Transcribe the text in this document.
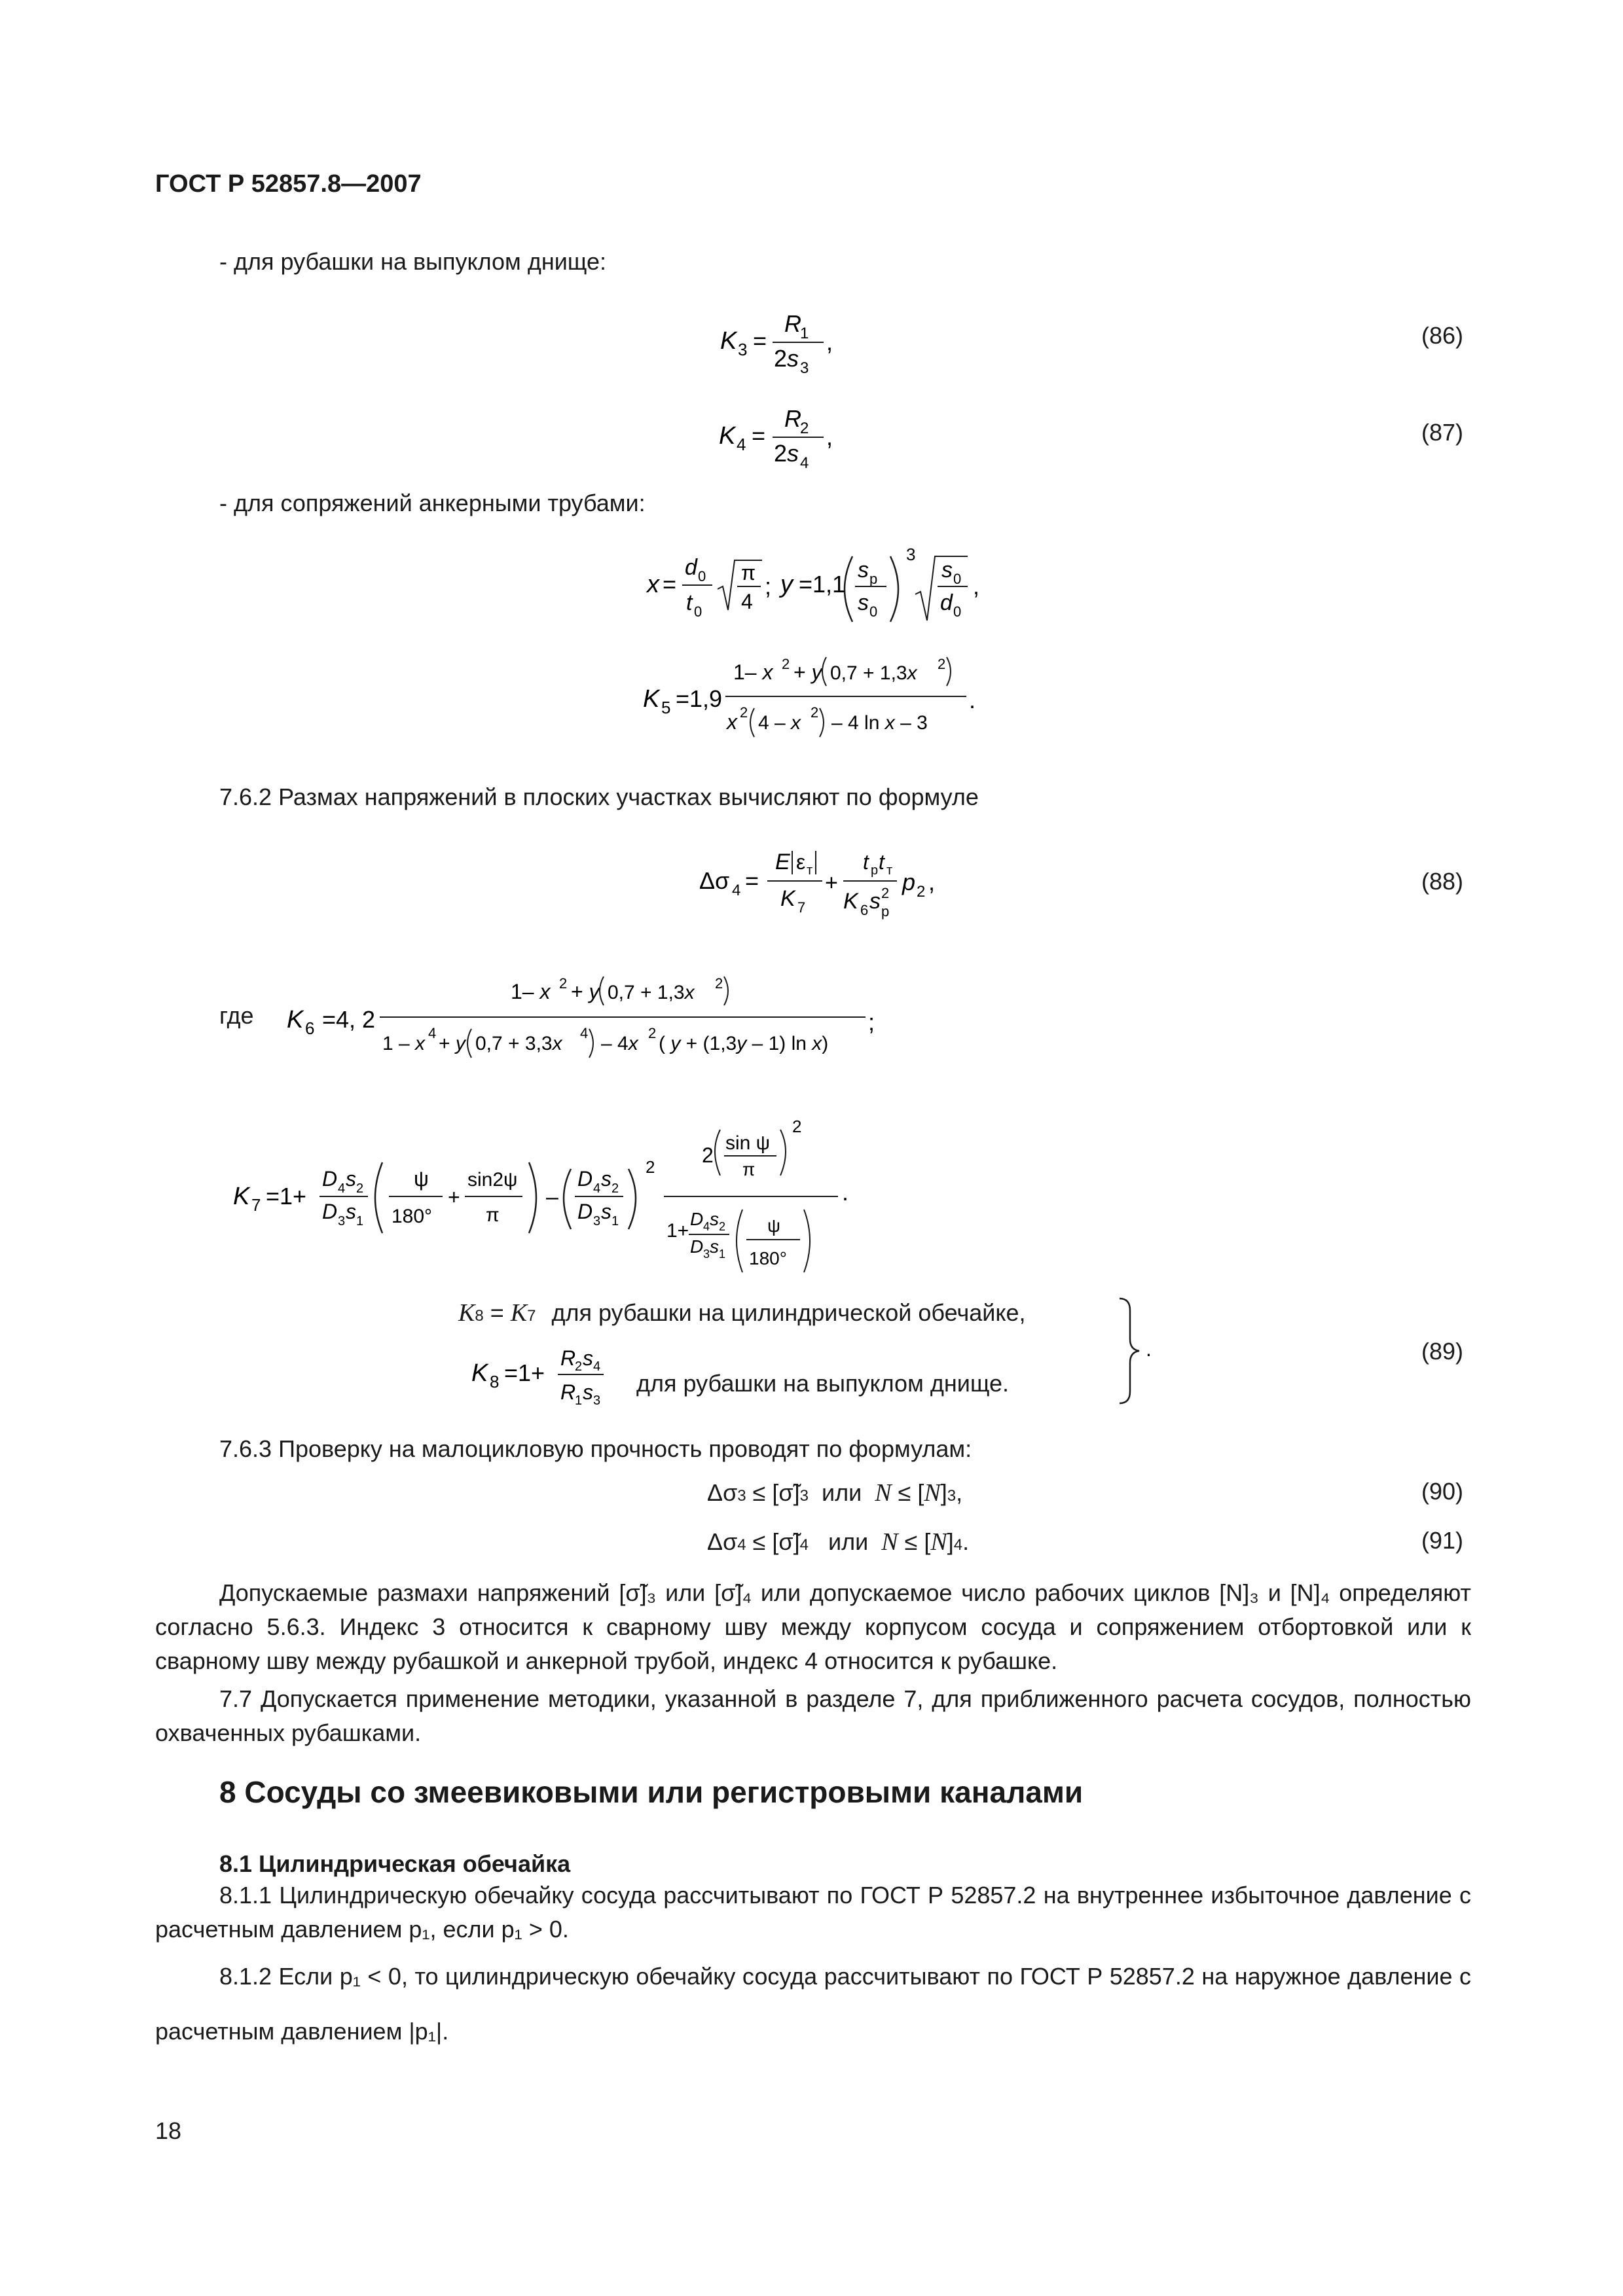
ГОСТ Р 52857.8—2007
- для рубашки на выпуклом днище:
K 3 =
R
1
2s 3
,	(86)
K 4 =
R
2
2s 4
,	(87)
- для сопряжений анкерными трубами:
x =
d 0
t 0
π
4
; y =1,1
s р
s 0
3
s 0
d 0
,
K 5 =1,9
1– x 2 + y 0,7 + 1,3x 2
x 2 4 – x 2 – 4 ln x – 3
.
7.6.2 Размах напряжений в плоских участках вычисляют по формуле
Δσ 4 =
E ε т
K 7
+
t р t т
K 6 s 2
р
p 2 ,	(88)
где K 6 =4, 2
1– x 2 + y 0,7 + 1,3x 2
1 – x 4 + y 0,7 + 3,3x 4 – 4x 2 ( y + (1,3y – 1) ln x)
;
K 7 =1+
D 4 s 2
D 3 s 1
ψ
180°
+
sin2ψ
π
–
D 4 s 2
D 3 s 1
2 2
sin ψ
π
2
1+
D 4 s 2
D 3 s 1
ψ
180°
.
K8 = K7 для рубашки на цилиндрической обечайке,
K 8 =1+
R
2 s 4
R
1 s 3
для рубашки на выпуклом днище.
.	(89)
7.6.3 Проверку на малоцикловую прочность проводят по формулам:
Δσ3 ≤ [σ̃]3  или  N ≤ [N]3,	(90)
Δσ4 ≤ [σ̃]4   или  N ≤ [N]4.	(91)
Допускаемые размахи напряжений [σ̃]₃ или [σ̃]₄ или допускаемое число рабочих циклов [N]₃ и [N]₄ определяют согласно 5.6.3. Индекс 3 относится к сварному шву между корпусом сосуда и сопряжением отбортовкой или к сварному шву между рубашкой и анкерной трубой, индекс 4 относится к рубашке.
7.7 Допускается применение методики, указанной в разделе 7, для приближенного расчета сосудов, полностью охваченных рубашками.
8 Сосуды со змеевиковыми или регистровыми каналами
8.1 Цилиндрическая обечайка
8.1.1 Цилиндрическую обечайку сосуда рассчитывают по ГОСТ Р 52857.2 на внутреннее избыточное давление с расчетным давлением p₁, если p₁ > 0.
8.1.2 Если p₁ < 0, то цилиндрическую обечайку сосуда рассчитывают по ГОСТ Р 52857.2 на наружное давление с расчетным давлением |p₁|.
18
